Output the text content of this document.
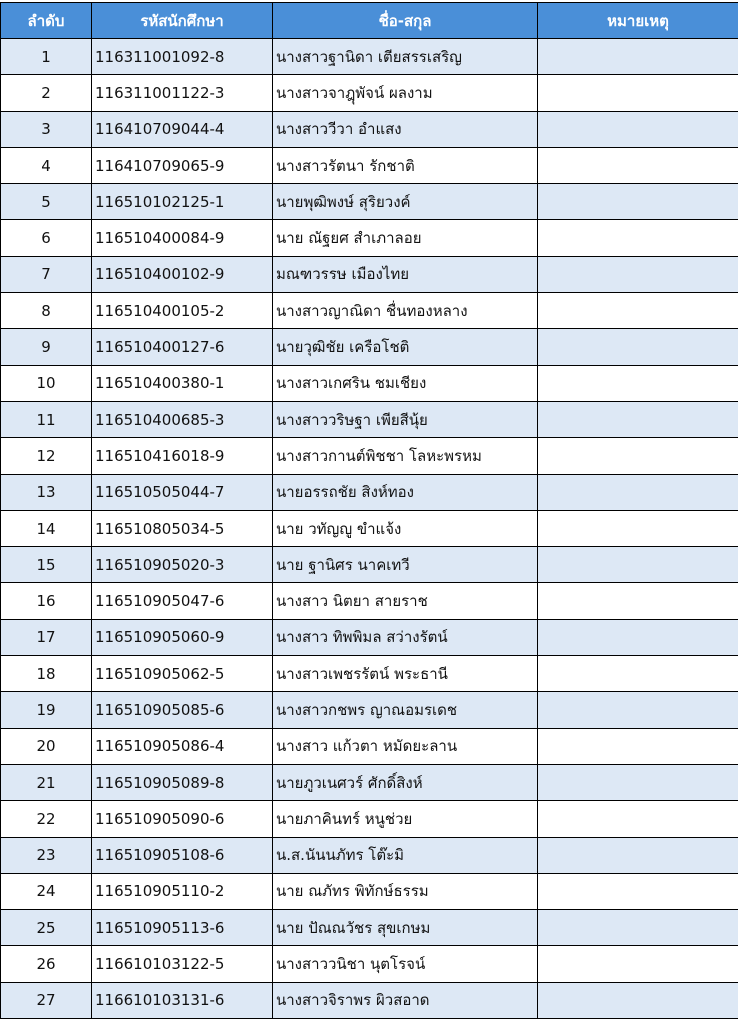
ลำดับ	รหัสนักศึกษา	ชื่อ-สกุล	หมายเหตุ
1	116311001092-8	นางสาวฐานิดา เตียสรรเสริญ	
2	116311001122-3	นางสาวจาฎุพัจน์ ผลงาม	
3	116410709044-4	นางสาววีวา อำแสง	
4	116410709065-9	นางสาวรัตนา รักชาติ	
5	116510102125-1	นายพุฒิพงษ์ สุริยวงค์	
6	116510400084-9	นาย ณัฐยศ สำเภาลอย	
7	116510400102-9	มณฑวรรษ เมืองไทย	
8	116510400105-2	นางสาวญาณิดา ชื่นทองหลาง	
9	116510400127-6	นายวุฒิชัย เครือโชติ	
10	116510400380-1	นางสาวเกศริน ชมเชียง	
11	116510400685-3	นางสาววริษฐา เพียสีนุ้ย	
12	116510416018-9	นางสาวกานต์พิชชา โลหะพรหม	
13	116510505044-7	นายอรรถชัย สิงห์ทอง	
14	116510805034-5	นาย วทัญญู ขำแจ้ง	
15	116510905020-3	นาย ฐานิศร นาคเทวี	
16	116510905047-6	นางสาว นิตยา สายราช	
17	116510905060-9	นางสาว ทิพพิมล สว่างรัตน์	
18	116510905062-5	นางสาวเพชรรัตน์ พระธานี	
19	116510905085-6	นางสาวกชพร ญาณอมรเดช	
20	116510905086-4	นางสาว แก้วตา หมัดยะลาน	
21	116510905089-8	นายภูวเนศวร์ ศักดิ์สิงห์	
22	116510905090-6	นายภาคินทร์ หนูช่วย	
23	116510905108-6	น.ส.นันนภัทร โต๊ะมิ	
24	116510905110-2	นาย ณภัทร พิทักษ์ธรรม	
25	116510905113-6	นาย ปัณณวัชร สุขเกษม	
26	116610103122-5	นางสาววนิชา นุตโรจน์	
27	116610103131-6	นางสาวจิราพร ผิวสอาด	
